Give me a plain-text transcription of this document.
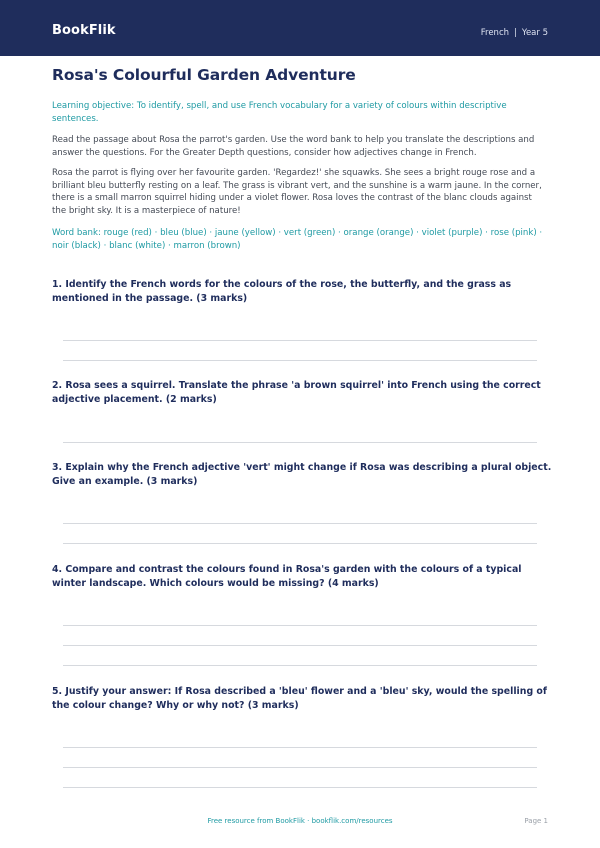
BookFlik	French | Year 5
Rosa's Colourful Garden Adventure
Learning objective: To identify, spell, and use French vocabulary for a variety of colours within descriptive sentences.
Read the passage about Rosa the parrot's garden. Use the word bank to help you translate the descriptions and answer the questions. For the Greater Depth questions, consider how adjectives change in French.
Rosa the parrot is flying over her favourite garden. 'Regardez!' she squawks. She sees a bright rouge rose and a brilliant bleu butterfly resting on a leaf. The grass is vibrant vert, and the sunshine is a warm jaune. In the corner, there is a small marron squirrel hiding under a violet flower. Rosa loves the contrast of the blanc clouds against the bright sky. It is a masterpiece of nature!
Word bank: rouge (red) · bleu (blue) · jaune (yellow) · vert (green) · orange (orange) · violet (purple) · rose (pink) · noir (black) · blanc (white) · marron (brown)
1. Identify the French words for the colours of the rose, the butterfly, and the grass as mentioned in the passage. (3 marks)
2. Rosa sees a squirrel. Translate the phrase 'a brown squirrel' into French using the correct adjective placement. (2 marks)
3. Explain why the French adjective 'vert' might change if Rosa was describing a plural object. Give an example. (3 marks)
4. Compare and contrast the colours found in Rosa's garden with the colours of a typical winter landscape. Which colours would be missing? (4 marks)
5. Justify your answer: If Rosa described a 'bleu' flower and a 'bleu' sky, would the spelling of the colour change? Why or why not? (3 marks)
Free resource from BookFlik · bookflik.com/resources	Page 1
